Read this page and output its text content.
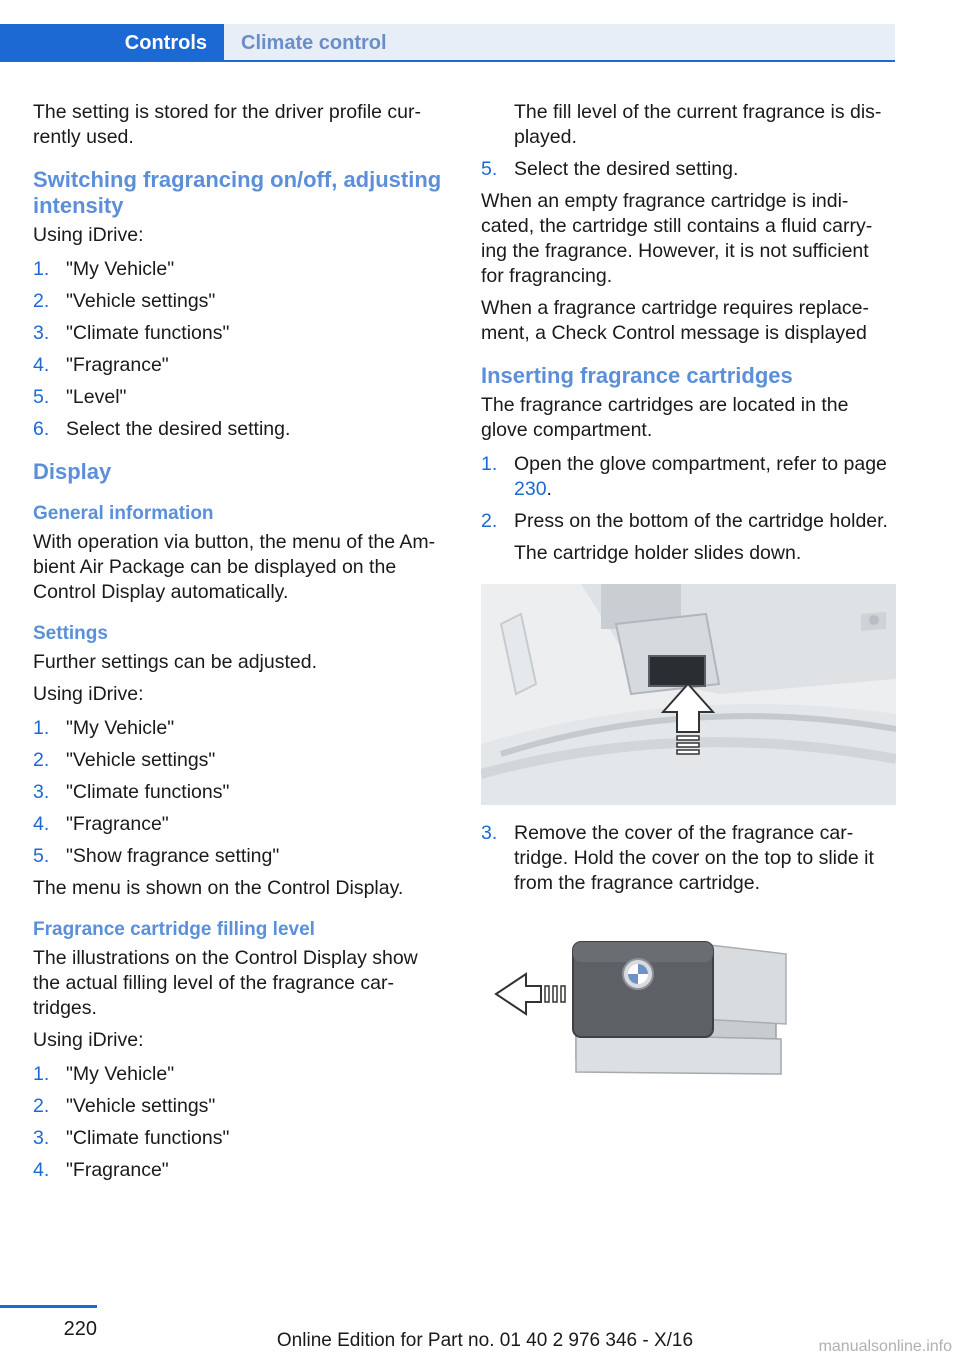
Controls	Climate control

The setting is stored for the driver profile cur-rently used.

Switching fragrancing on/off, adjusting intensity

Using iDrive:

1. "My Vehicle"
2. "Vehicle settings"
3. "Climate functions"
4. "Fragrance"
5. "Level"
6. Select the desired setting.
Display
General information

With operation via button, the menu of the Am-bient Air Package can be displayed on the Control Display automatically.

Settings

Further settings can be adjusted.

Using iDrive:

1. "My Vehicle"
2. "Vehicle settings"
3. "Climate functions"
4. "Fragrance"
5. "Show fragrance setting"

The menu is shown on the Control Display.

Fragrance cartridge filling level

The illustrations on the Control Display show the actual filling level of the fragrance car-tridges.

Using iDrive:

1. "My Vehicle"
2. "Vehicle settings"
3. "Climate functions"
4. "Fragrance"

The fill level of the current fragrance is dis-played.

5. Select the desired setting.

When an empty fragrance cartridge is indi-cated, the cartridge still contains a fluid carry-ing the fragrance. However, it is not sufficient for fragrancing.

When a fragrance cartridge requires replace-ment, a Check Control message is displayed

Inserting fragrance cartridges

The fragrance cartridges are located in the glove compartment.

1. Open the glove compartment, refer to page 230.
2. Press on the bottom of the cartridge holder.
The cartridge holder slides down.
3. Remove the cover of the fragrance car-tridge. Hold the cover on the top to slide it from the fragrance cartridge.
220
Online Edition for Part no. 01 40 2 976 346 - X/16	manualsonline.info
